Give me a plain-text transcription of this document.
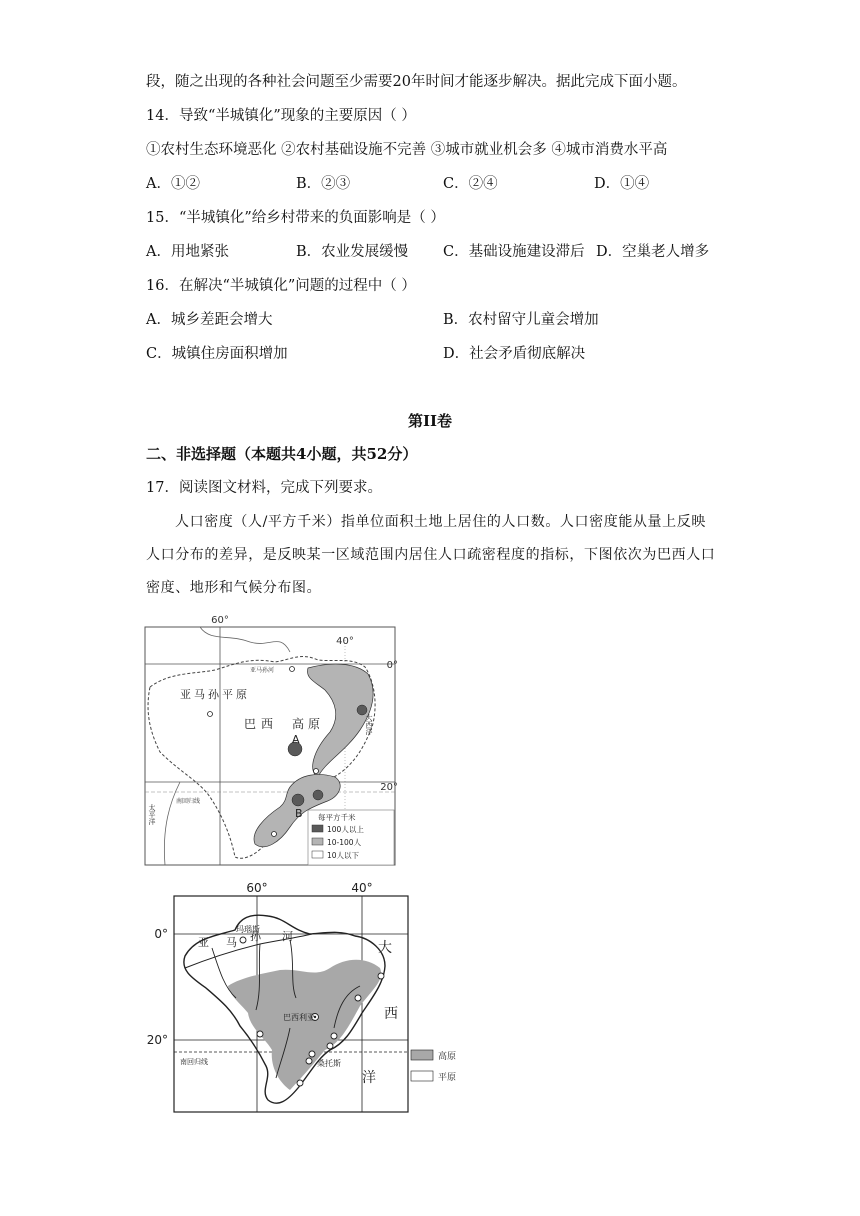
段，随之出现的各种社会问题至少需要20年时间才能逐步解决。据此完成下面小题。
14．导致“半城镇化”现象的主要原因（ ）
①农村生态环境恶化 ②农村基础设施不完善 ③城市就业机会多 ④城市消费水平高
A．①②	B．②③	C．②④	D．①④
15．“半城镇化”给乡村带来的负面影响是（ ）
A．用地紧张	B．农业发展缓慢 C．基础设施建设滞后 D．空巢老人增多
16．在解决“半城镇化”问题的过程中（ ）
A．城乡差距会增大	B．农村留守儿童会增加
C．城镇住房面积增加	D．社会矛盾彻底解决
第II卷
二、非选择题（本题共4小题，共52分）
17．阅读图文材料，完成下列要求。
人口密度（人/平方千米）指单位面积土地上居住的人口数。人口密度能从量上反映人口分布的差异，是反映某一区域范围内居住人口疏密程度的指标，下图依次为巴西人口密度、地形和气候分布图。
60°
40°
0°
20°
亚马孙河
亚马孙平原
巴西 高原
A
B
大西洋
太平洋
南回归线
每平方千米
100人以上
10-100人
10人以下
60°	40°
0°
20°
亚 马 孙 河
玛瑙斯
巴西利亚
桑托斯
大
西
洋
南回归线	高原
平原
